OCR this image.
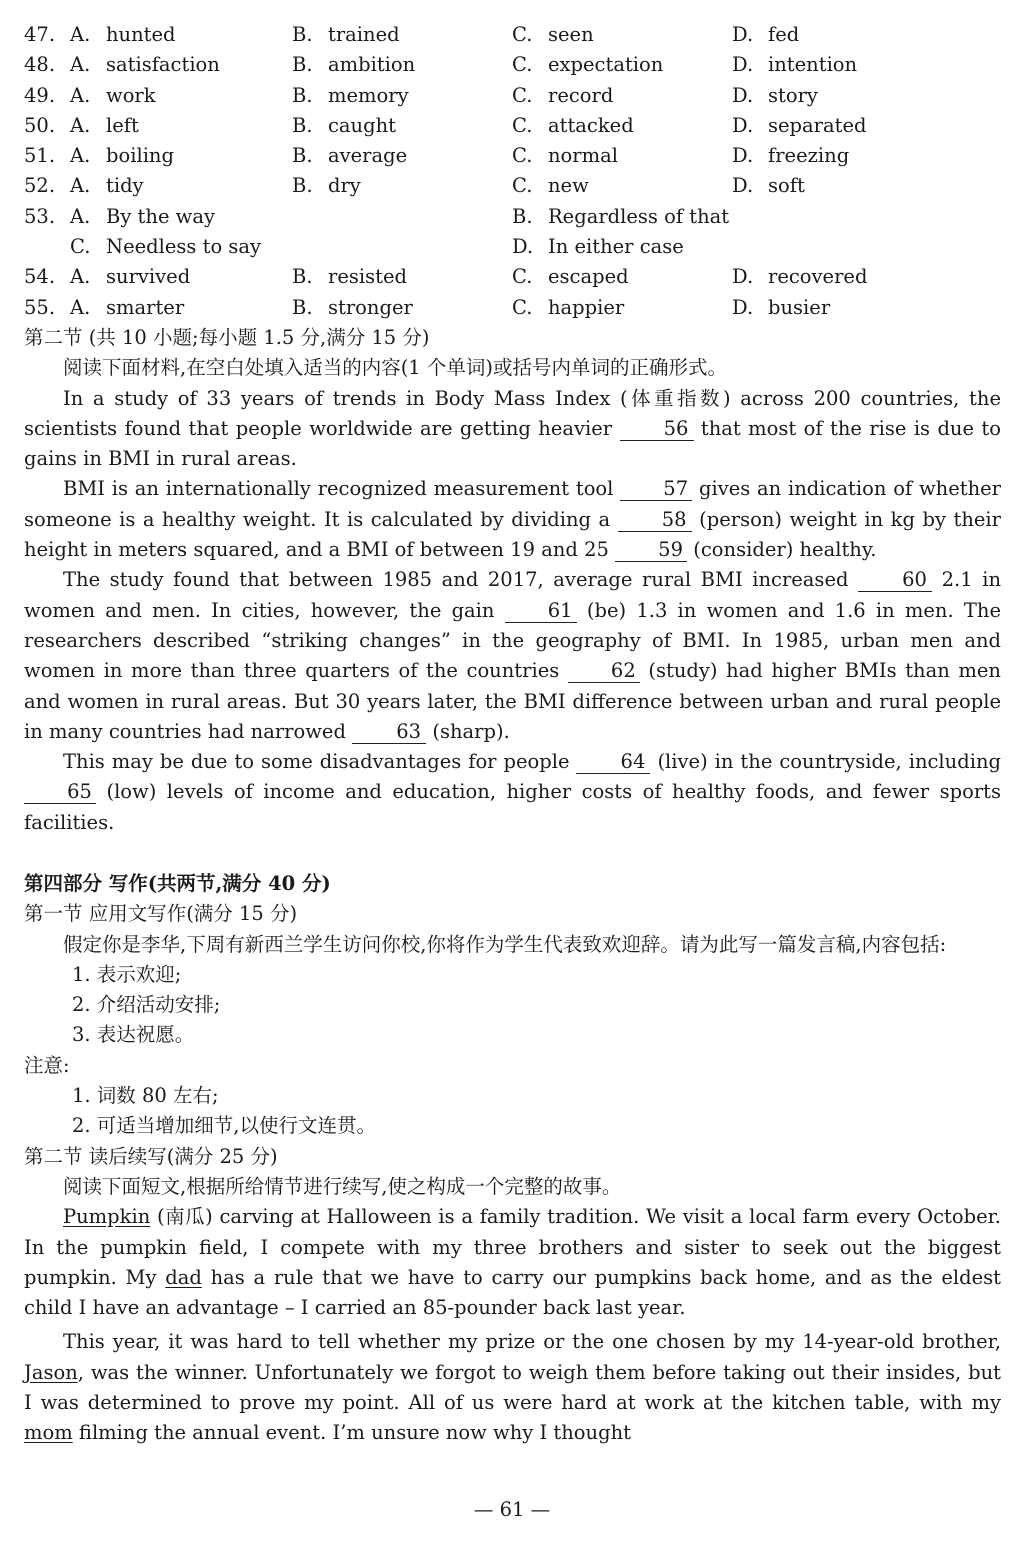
47. A. hunted	B. trained	C. seen	D. fed
48. A. satisfaction	B. ambition	C. expectation	D. intention
49. A. work	B. memory	C. record	D. story
50. A. left	B. caught	C. attacked	D. separated
51. A. boiling	B. average	C. normal	D. freezing
52. A. tidy	B. dry	C. new	D. soft
53. A. By the way	B. Regardless of that
C. Needless to say	D. In either case
54. A. survived	B. resisted	C. escaped	D. recovered
55. A. smarter	B. stronger	C. happier	D. busier

第二节 (共 10 小题;每小题 1.5 分,满分 15 分)

阅读下面材料,在空白处填入适当的内容(1 个单词)或括号内单词的正确形式。

In a study of 33 years of trends in Body Mass Index (体重指数) across 200 countries, the scientists found that people worldwide are getting heavier 56 that most of the rise is due to gains in BMI in rural areas.

BMI is an internationally recognized measurement tool 57 gives an indication of whether someone is a healthy weight. It is calculated by dividing a 58 (person) weight in kg by their height in meters squared, and a BMI of between 19 and 25 59 (consider) healthy.

The study found that between 1985 and 2017, average rural BMI increased 60 2.1 in women and men. In cities, however, the gain 61 (be) 1.3 in women and 1.6 in men. The researchers described “striking changes” in the geography of BMI. In 1985, urban men and women in more than three quarters of the countries 62 (study) had higher BMIs than men and women in rural areas. But 30 years later, the BMI difference between urban and rural people in many countries had narrowed 63 (sharp).

This may be due to some disadvantages for people 64 (live) in the countryside, including 65 (low) levels of income and education, higher costs of healthy foods, and fewer sports facilities.

第四部分 写作(共两节,满分 40 分)

第一节 应用文写作(满分 15 分)

假定你是李华,下周有新西兰学生访问你校,你将作为学生代表致欢迎辞。请为此写一篇发言稿,内容包括:

1. 表示欢迎;

2. 介绍活动安排;

3. 表达祝愿。

注意:

1. 词数 80 左右;

2. 可适当增加细节,以使行文连贯。

第二节 读后续写(满分 25 分)

阅读下面短文,根据所给情节进行续写,使之构成一个完整的故事。

Pumpkin (南瓜) carving at Halloween is a family tradition. We visit a local farm every October. In the pumpkin field, I compete with my three brothers and sister to seek out the biggest pumpkin. My dad has a rule that we have to carry our pumpkins back home, and as the eldest child I have an advantage – I carried an 85-pounder back last year.

This year, it was hard to tell whether my prize or the one chosen by my 14-year-old brother, Jason, was the winner. Unfortunately we forgot to weigh them before taking out their insides, but I was determined to prove my point. All of us were hard at work at the kitchen table, with my mom filming the annual event. I’m unsure now why I thought

— 61 —
